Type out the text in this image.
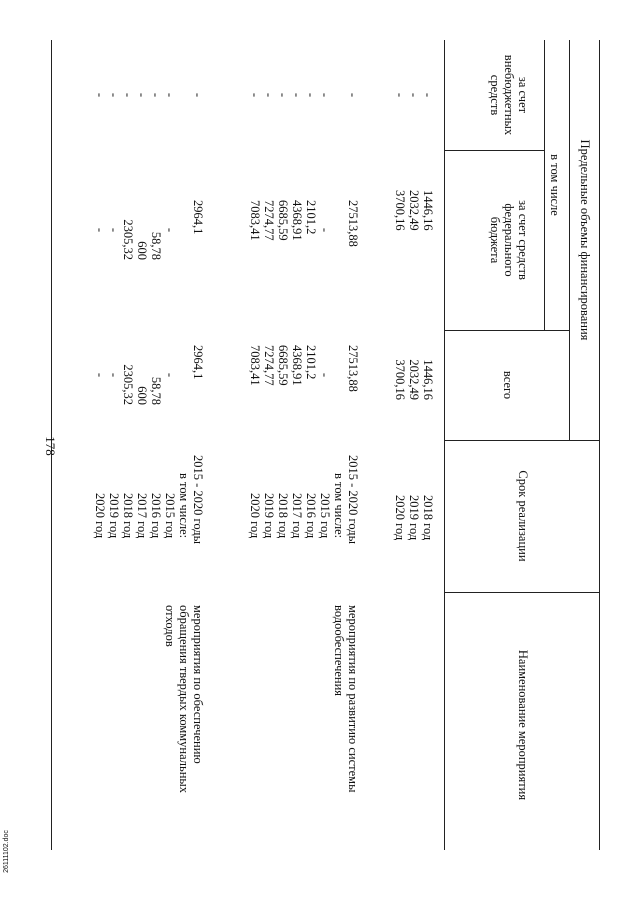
Наименование мероприятия
Срок реализации
Предельные объемы финансирования
всего
в том числе
за счет средств
федерального
бюджета
за счет
внебюджетных
средств
2018 год
2019 год
2020 год
1446,16
2032,49
3700,16
1446,16
2032,49
3700,16
-
-
-
мероприятия по развитию системы
водообеспечения
2015 - 2020 годы
в том числе:
2015 год
2016 год
2017 год
2018 год
2019 год
2020 год
27513,88

-
2101,2
4368,91
6685,59
7274,77
7083,41
27513,88

-
2101,2
4368,91
6685,59
7274,77
7083,41
-

-
-
-
-
-
-
мероприятия по обеспечению
обращения твердых коммунальных
отходов
2015 - 2020 годы
в том числе:
2015 год
2016 год
2017 год
2018 год
2019 год
2020 год
2964,1

-
58,78
600
2305,32
-
-
2964,1

-
58,78
600
2305,32
-
-
-

-
-
-
-
-
-
178
26111102.doc
